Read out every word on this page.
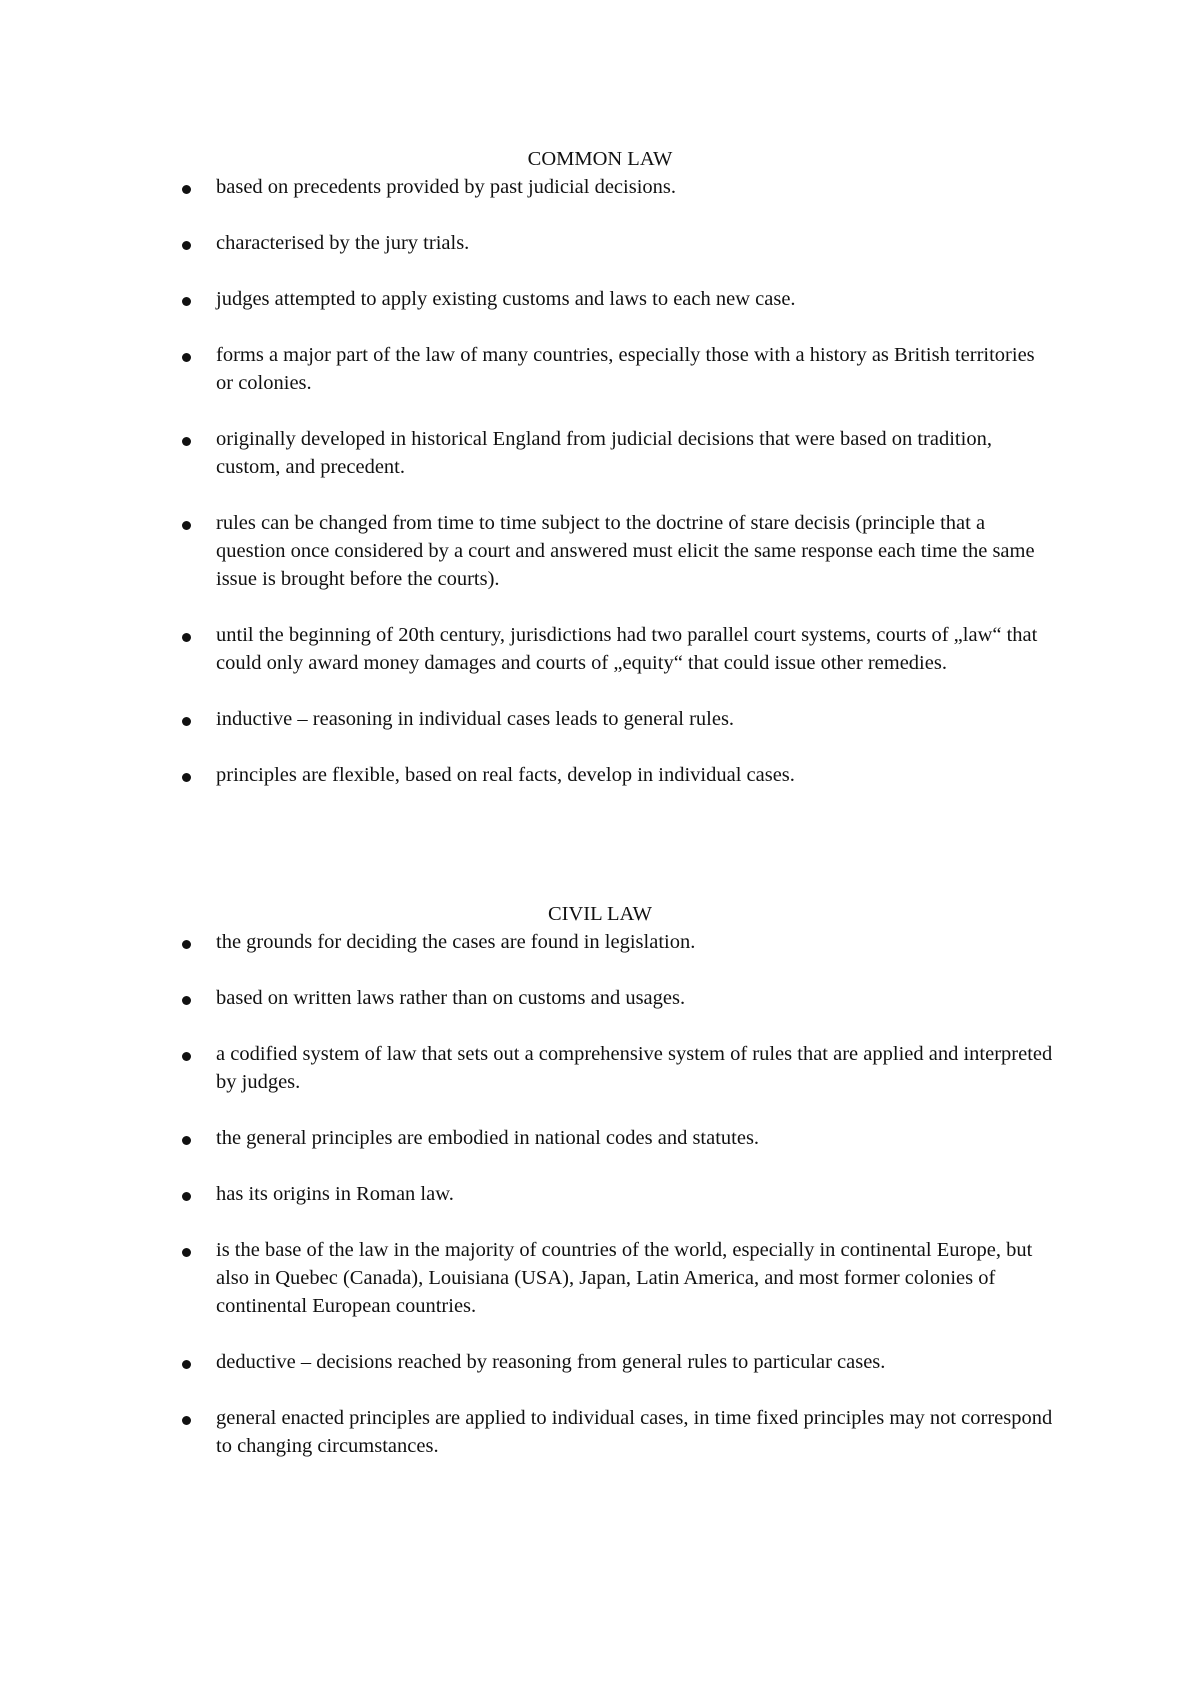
COMMON LAW
based on precedents provided by past judicial decisions.
characterised by the jury trials.
judges attempted to apply existing customs and laws to each new case.
forms a major part of the law of many countries, especially those with a history as British territories or colonies.
originally developed in historical England from judicial decisions that were based on tradition, custom, and precedent.
rules can be changed from time to time subject to the doctrine of stare decisis (principle that a question once considered by a court and answered must elicit the same response each time the same issue is brought before the courts).
until the beginning of 20th century, jurisdictions had two parallel court systems, courts of „law“ that could only award money damages and courts of „equity“ that could issue other remedies.
inductive – reasoning in individual cases leads to general rules.
principles are flexible, based on real facts, develop in individual cases.
CIVIL LAW
the grounds for deciding the cases are found in legislation.
based on written laws rather than on customs and usages.
a codified system of law that sets out a comprehensive system of rules that are applied and interpreted by judges.
the general principles are embodied in national codes and statutes.
has its origins in Roman law.
is the base of the law in the majority of countries of the world, especially in continental Europe, but also in Quebec (Canada), Louisiana (USA), Japan, Latin America, and most former colonies of continental European countries.
deductive – decisions reached by reasoning from general rules to particular cases.
general enacted principles are applied to individual cases, in time fixed principles may not correspond to changing circumstances.
